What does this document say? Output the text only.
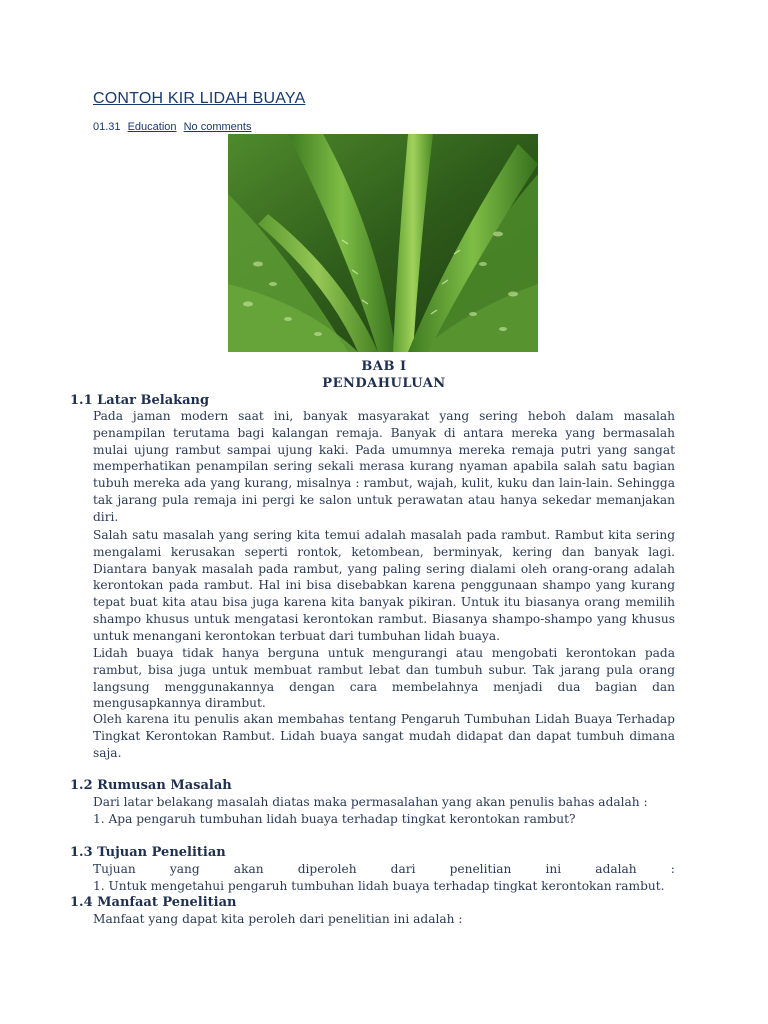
CONTOH KIR LIDAH BUAYA
01.31 Education No comments
BAB I
PENDAHULUAN
1.1 Latar Belakang

Pada jaman modern saat ini, banyak masyarakat yang sering heboh dalam masalah penampilan terutama bagi kalangan remaja. Banyak di antara mereka yang bermasalah mulai ujung rambut sampai ujung kaki. Pada umumnya mereka remaja putri yang sangat memperhatikan penampilan sering sekali merasa kurang nyaman apabila salah satu bagian tubuh mereka ada yang kurang, misalnya : rambut, wajah, kulit, kuku dan lain-lain. Sehingga tak jarang pula remaja ini pergi ke salon untuk perawatan atau hanya sekedar memanjakan diri.

Salah satu masalah yang sering kita temui adalah masalah pada rambut. Rambut kita sering mengalami kerusakan seperti rontok, ketombean, berminyak, kering dan banyak lagi. Diantara banyak masalah pada rambut, yang paling sering dialami oleh orang-orang adalah kerontokan pada rambut. Hal ini bisa disebabkan karena penggunaan shampo yang kurang tepat buat kita atau bisa juga karena kita banyak pikiran. Untuk itu biasanya orang memilih shampo khusus untuk mengatasi kerontokan rambut. Biasanya shampo-shampo yang khusus untuk menangani kerontokan terbuat dari tumbuhan lidah buaya.

Lidah buaya tidak hanya berguna untuk mengurangi atau mengobati kerontokan pada rambut, bisa juga untuk membuat rambut lebat dan tumbuh subur. Tak jarang pula orang langsung menggunakannya dengan cara membelahnya menjadi dua bagian dan mengusapkannya dirambut.

Oleh karena itu penulis akan membahas tentang Pengaruh Tumbuhan Lidah Buaya Terhadap Tingkat Kerontokan Rambut. Lidah buaya sangat mudah didapat dan dapat tumbuh dimana saja.

1.2 Rumusan Masalah

Dari latar belakang masalah diatas maka permasalahan yang akan penulis bahas adalah :

1. Apa pengaruh tumbuhan lidah buaya terhadap tingkat kerontokan rambut?

1.3 Tujuan Penelitian
Tujuan	yang	akan	diperoleh	dari	penelitian	ini	adalah	:

1. Untuk mengetahui pengaruh tumbuhan lidah buaya terhadap tingkat kerontokan rambut.

1.4 Manfaat Penelitian

Manfaat yang dapat kita peroleh dari penelitian ini adalah :
